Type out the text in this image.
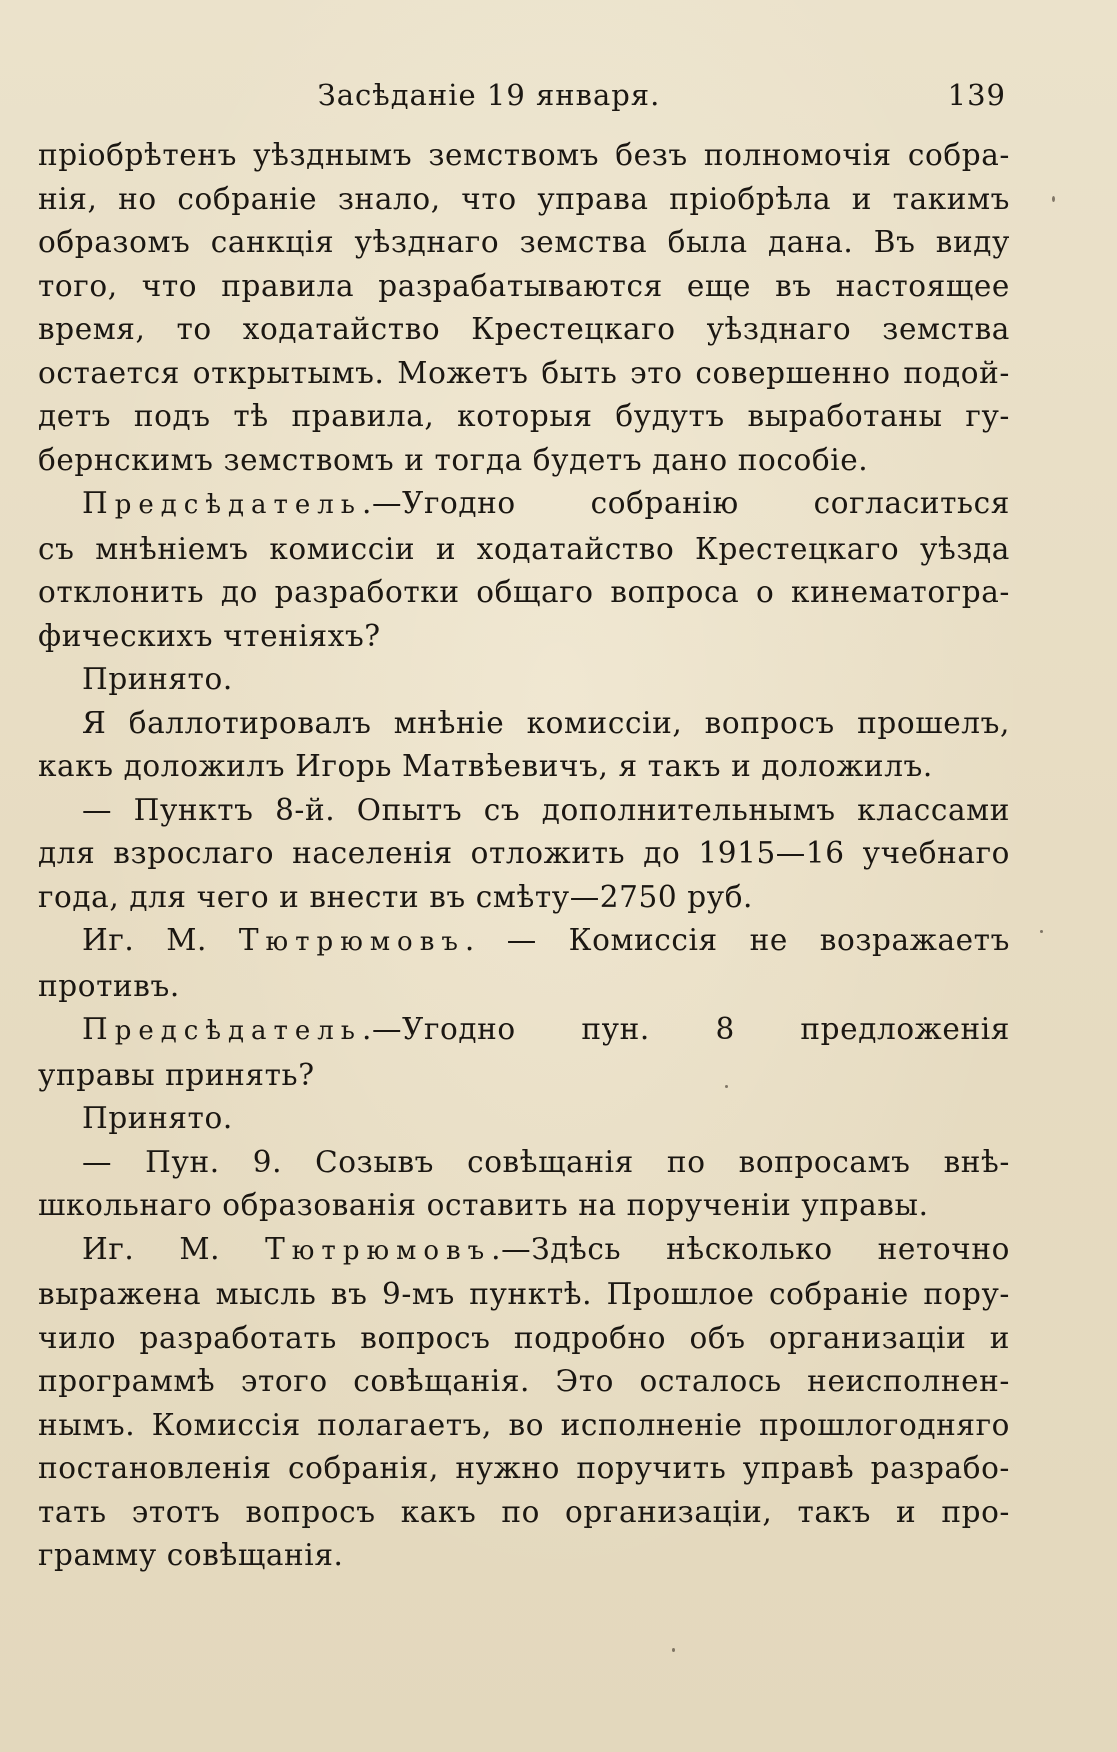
Засѣданіе 19 января.	139
пріобрѣтенъ уѣзднымъ земствомъ безъ полномочія собра-
нія, но собраніе знало, что управа пріобрѣла и такимъ
образомъ санкція уѣзднаго земства была дана. Въ виду
того, что правила разрабатываются еще въ настоящее
время, то ходатайство Крестецкаго уѣзднаго земства
остается открытымъ. Можетъ быть это совершенно подой-
детъ подъ тѣ правила, которыя будутъ выработаны гу-
бернскимъ земствомъ и тогда будетъ дано пособіе.
Предсѣдатель.—Угодно собранію согласиться
съ мнѣніемъ комиссіи и ходатайство Крестецкаго уѣзда
отклонить до разработки общаго вопроса о кинематогра-
фическихъ чтеніяхъ?
Принято.
Я баллотировалъ мнѣніе комиссіи, вопросъ прошелъ,
какъ доложилъ Игорь Матвѣевичъ, я такъ и доложилъ.
— Пунктъ 8-й. Опытъ съ дополнительнымъ классами
для взрослаго населенія отложить до 1915—16 учебнаго
года, для чего и внести въ смѣту—2750 руб.
Иг. М. Тютрюмовъ. — Комиссія не возражаетъ
противъ.
Предсѣдатель.—Угодно пун. 8 предложенія
управы принять?
Принято.
— Пун. 9. Созывъ совѣщанія по вопросамъ внѣ-
школьнаго образованія оставить на порученіи управы.
Иг. М. Тютрюмовъ.—Здѣсь нѣсколько неточно
выражена мысль въ 9-мъ пунктѣ. Прошлое собраніе пору-
чило разработать вопросъ подробно объ организаціи и
программѣ этого совѣщанія. Это осталось неисполнен-
нымъ. Комиссія полагаетъ, во исполненіе прошлогодняго
постановленія собранія, нужно поручить управѣ разрабо-
тать этотъ вопросъ какъ по организаціи, такъ и про-
грамму совѣщанія.
